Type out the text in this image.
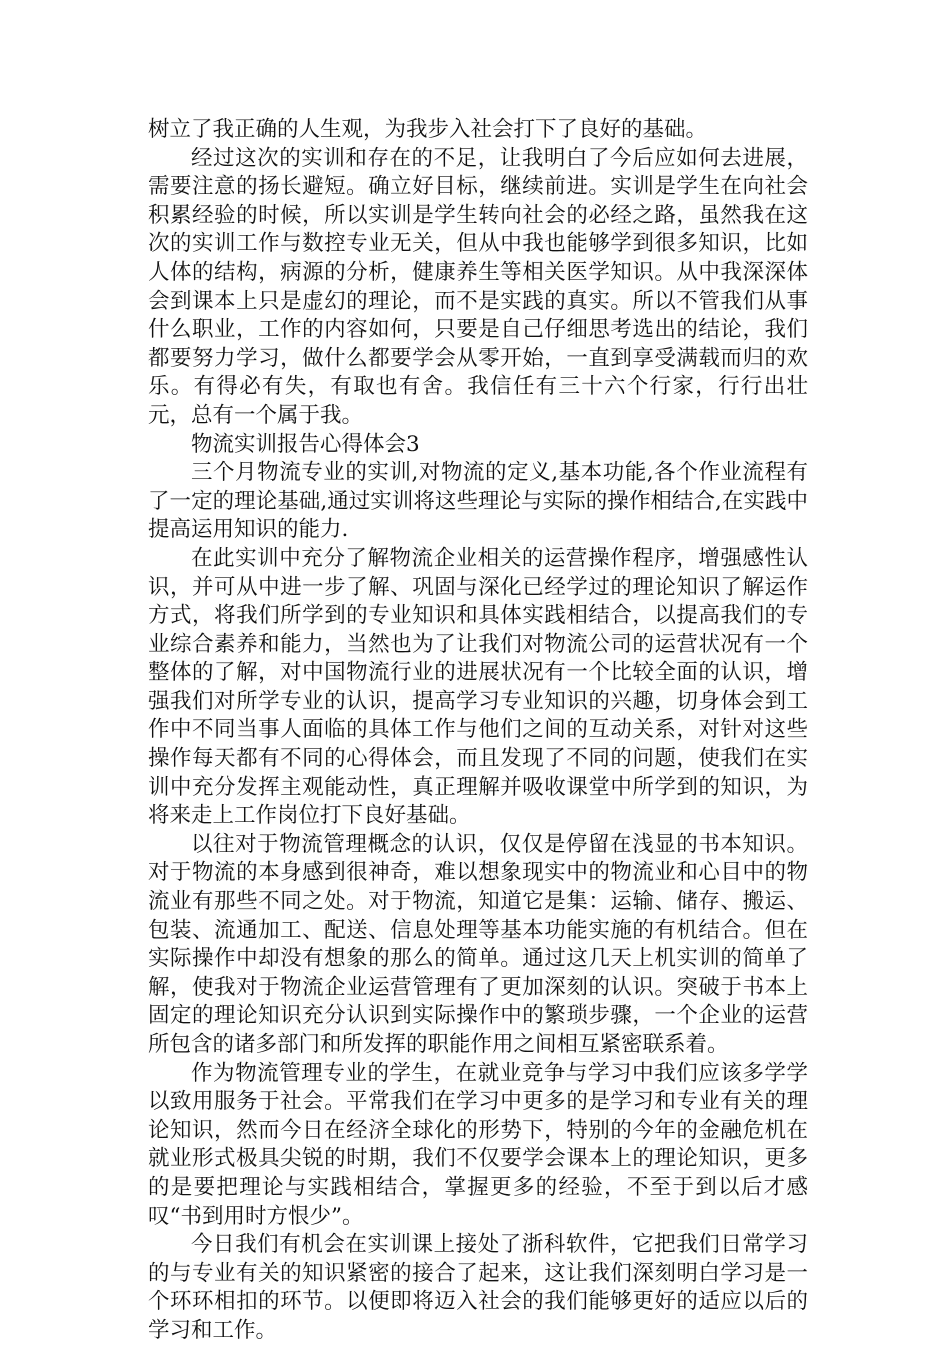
树立了我正确的人生观，为我步入社会打下了良好的基础。

经过这次的实训和存在的不足，让我明白了今后应如何去进展，需要注意的扬长避短。确立好目标，继续前进。实训是学生在向社会积累经验的时候，所以实训是学生转向社会的必经之路，虽然我在这次的实训工作与数控专业无关，但从中我也能够学到很多知识，比如人体的结构，病源的分析，健康养生等相关医学知识。从中我深深体会到课本上只是虚幻的理论，而不是实践的真实。所以不管我们从事什么职业，工作的内容如何，只要是自己仔细思考选出的结论，我们都要努力学习，做什么都要学会从零开始，一直到享受满载而归的欢乐。有得必有失，有取也有舍。我信任有三十六个行家，行行出壮元，总有一个属于我。

物流实训报告心得体会3

三个月物流专业的实训,对物流的定义,基本功能,各个作业流程有了一定的理论基础,通过实训将这些理论与实际的操作相结合,在实践中提高运用知识的能力.

在此实训中充分了解物流企业相关的运营操作程序，增强感性认识，并可从中进一步了解、巩固与深化已经学过的理论知识了解运作方式，将我们所学到的专业知识和具体实践相结合，以提高我们的专业综合素养和能力，当然也为了让我们对物流公司的运营状况有一个整体的了解，对中国物流行业的进展状况有一个比较全面的认识，增强我们对所学专业的认识，提高学习专业知识的兴趣，切身体会到工作中不同当事人面临的具体工作与他们之间的互动关系，对针对这些操作每天都有不同的心得体会，而且发现了不同的问题，使我们在实训中充分发挥主观能动性，真正理解并吸收课堂中所学到的知识，为将来走上工作岗位打下良好基础。

以往对于物流管理概念的认识，仅仅是停留在浅显的书本知识。对于物流的本身感到很神奇，难以想象现实中的物流业和心目中的物流业有那些不同之处。对于物流，知道它是集：运输、储存、搬运、包装、流通加工、配送、信息处理等基本功能实施的有机结合。但在实际操作中却没有想象的那么的简单。通过这几天上机实训的简单了解，使我对于物流企业运营管理有了更加深刻的认识。突破于书本上固定的理论知识充分认识到实际操作中的繁琐步骤，一个企业的运营所包含的诸多部门和所发挥的职能作用之间相互紧密联系着。

作为物流管理专业的学生，在就业竞争与学习中我们应该多学学以致用服务于社会。平常我们在学习中更多的是学习和专业有关的理论知识，然而今日在经济全球化的形势下，特别的今年的金融危机在就业形式极具尖锐的时期，我们不仅要学会课本上的理论知识，更多的是要把理论与实践相结合，掌握更多的经验，不至于到以后才感叹“书到用时方恨少”。

今日我们有机会在实训课上接处了浙科软件，它把我们日常学习的与专业有关的知识紧密的接合了起来，这让我们深刻明白学习是一个环环相扣的环节。以便即将迈入社会的我们能够更好的适应以后的学习和工作。
